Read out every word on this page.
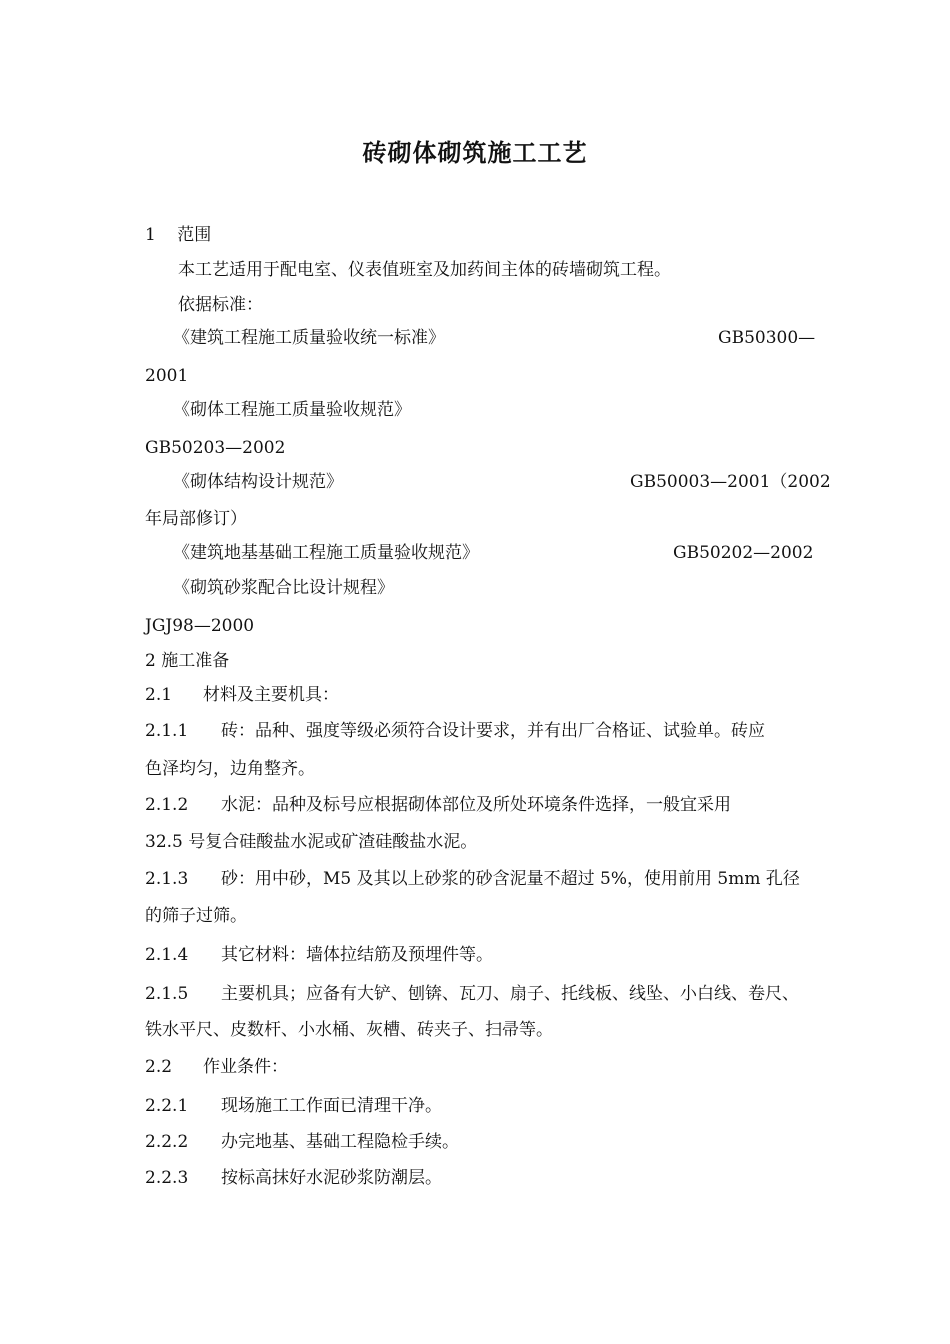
砖砌体砌筑施工工艺
1 范围
本工艺适用于配电室、仪表值班室及加药间主体的砖墙砌筑工程。
依据标准：
《建筑工程施工质量验收统一标准》	GB50300—
2001
《砌体工程施工质量验收规范》
GB50203—2002
《砌体结构设计规范》	GB50003—2001（2002
年局部修订）
《建筑地基基础工程施工质量验收规范》	GB50202—2002
《砌筑砂浆配合比设计规程》
JGJ98—2000
2 施工准备
2.1 材料及主要机具：
2.1.1 砖：品种、强度等级必须符合设计要求，并有出厂合格证、试验单。砖应
色泽均匀，边角整齐。
2.1.2 水泥：品种及标号应根据砌体部位及所处环境条件选择，一般宜采用
32.5 号复合硅酸盐水泥或矿渣硅酸盐水泥。
2.1.3 砂：用中砂，M5 及其以上砂浆的砂含泥量不超过 5%，使用前用 5mm 孔径
的筛子过筛。
2.1.4 其它材料：墙体拉结筋及预埋件等。
2.1.5 主要机具；应备有大铲、刨锛、瓦刀、扇子、托线板、线坠、小白线、卷尺、
铁水平尺、皮数杆、小水桶、灰槽、砖夹子、扫帚等。
2.2 作业条件：
2.2.1 现场施工工作面已清理干净。
2.2.2 办完地基、基础工程隐检手续。
2.2.3 按标高抹好水泥砂浆防潮层。
